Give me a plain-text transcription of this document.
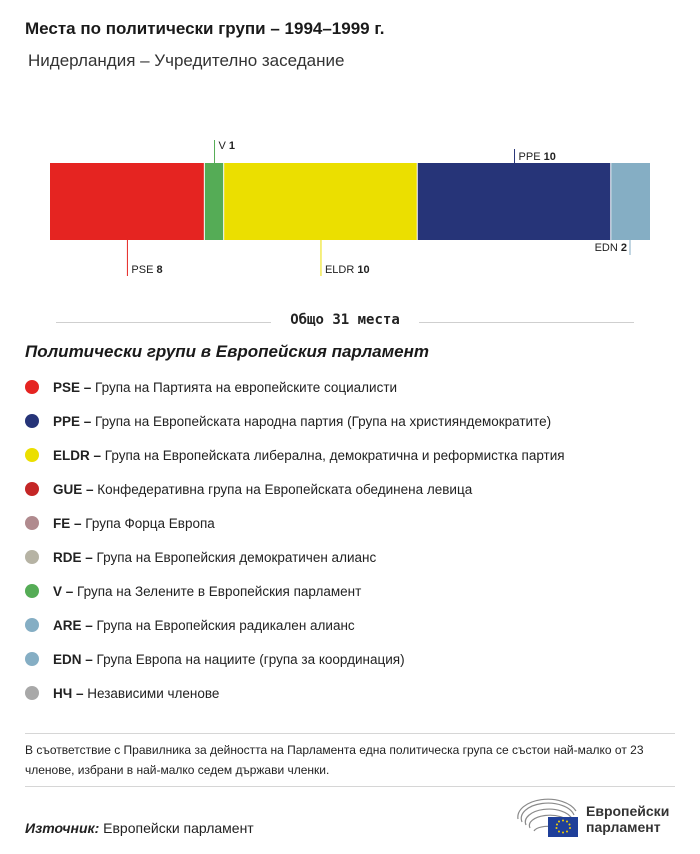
Места по политически групи – 1994–1999 г.
Нидерландия – Учредително заседание
PSE 8
V 1
ELDR 10
PPE 10
EDN 2
Общо 31 места
Политически групи в Европейския парламент
PSE –
Група на Партията на европейските социалисти
PPE –
Група на Европейската народна партия (Група на християндемократите)
ELDR –
Група на Европейската либерална, демократична и реформистка партия
GUE –
Конфедеративна група на Европейската обединена левица
FE –
Група Форца Европа
RDE –
Група на Европейския демократичен алианс
V –
Група на Зелените в Европейския парламент
ARE –
Група на Европейския радикален алианс
EDN –
Група Европа на нациите (група за координация)
НЧ –
Независими членове
В съответствие с Правилника за дейността на Парламента една политическа група се състои най-малко от 23 членове, избрани в най-малко седем държави членки.
Източник: Европейски парламент
Европейски
парламент
